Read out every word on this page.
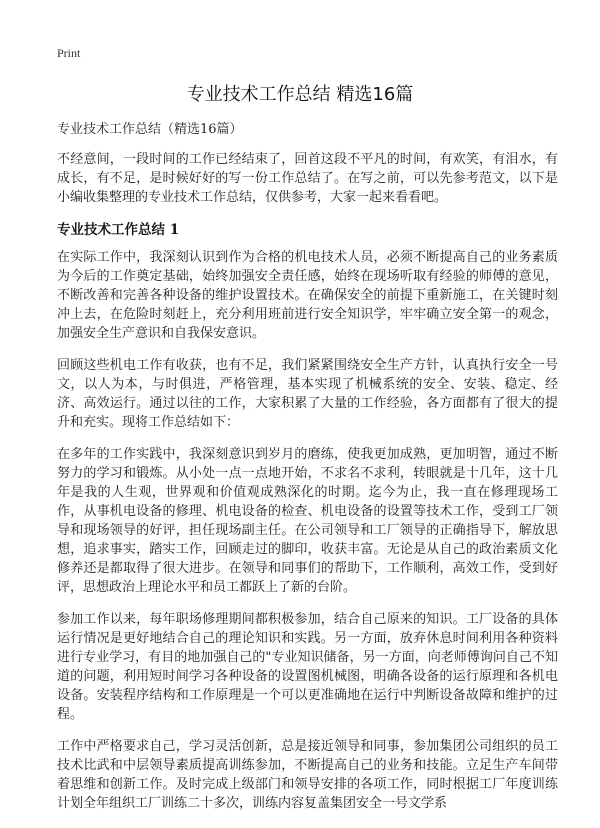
Print
专业技术工作总结 精选16篇

专业技术工作总结（精选16篇）

不经意间，一段时间的工作已经结束了，回首这段不平凡的时间，有欢笑，有泪水，有成长，有不足，是时候好好的写一份工作总结了。在写之前，可以先参考范文，以下是小编收集整理的专业技术工作总结，仅供参考，大家一起来看看吧。

专业技术工作总结 1

在实际工作中，我深刻认识到作为合格的机电技术人员，必须不断提高自己的业务素质为今后的工作奠定基础，始终加强安全责任感，始终在现场听取有经验的师傅的意见，不断改善和完善各种设备的维护设置技术。在确保安全的前提下重新施工，在关键时刻冲上去，在危险时刻赶上，充分利用班前进行安全知识学，牢牢确立安全第一的观念，加强安全生产意识和自我保安意识。

回顾这些机电工作有收获，也有不足，我们紧紧围绕安全生产方针，认真执行安全一号文，以人为本，与时俱进，严格管理，基本实现了机械系统的安全、安装、稳定、经济、高效运行。通过以往的工作，大家积累了大量的工作经验，各方面都有了很大的提升和充实。现将工作总结如下：

在多年的工作实践中，我深刻意识到岁月的磨练，使我更加成熟，更加明智，通过不断努力的学习和锻炼。从小处一点一点地开始，不求名不求利，转眼就是十几年，这十几年是我的人生观，世界观和价值观成熟深化的时期。迄今为止，我一直在修理现场工作，从事机电设备的修理、机电设备的检查、机电设备的设置等技术工作，受到工厂领导和现场领导的好评，担任现场副主任。在公司领导和工厂领导的正确指导下，解放思想，追求事实，踏实工作，回顾走过的脚印，收获丰富。无论是从自己的政治素质文化修养还是都取得了很大进步。在领导和同事们的帮助下，工作顺利，高效工作，受到好评，思想政治上理论水平和员工都跃上了新的台阶。

参加工作以来，每年职场修理期间都积极参加，结合自己原来的知识。工厂设备的具体运行情况是更好地结合自己的理论知识和实践。另一方面，放弃休息时间利用各种资料进行专业学习，有目的地加强自己的"专业知识储备，另一方面，向老师傅询问自己不知道的问题，利用短时间学习各种设备的设置图机械图，明确各设备的运行原理和各机电设备。安装程序结构和工作原理是一个可以更准确地在运行中判断设备故障和维护的过程。

工作中严格要求自己，学习灵活创新，总是接近领导和同事，参加集团公司组织的员工技术比武和中层领导素质提高训练参加，不断提高自己的业务和技能。立足生产车间带着思维和创新工作。及时完成上级部门和领导安排的各项工作，同时根据工厂年度训练计划全年组织工厂训练二十多次，训练内容复盖集团安全一号文学系
